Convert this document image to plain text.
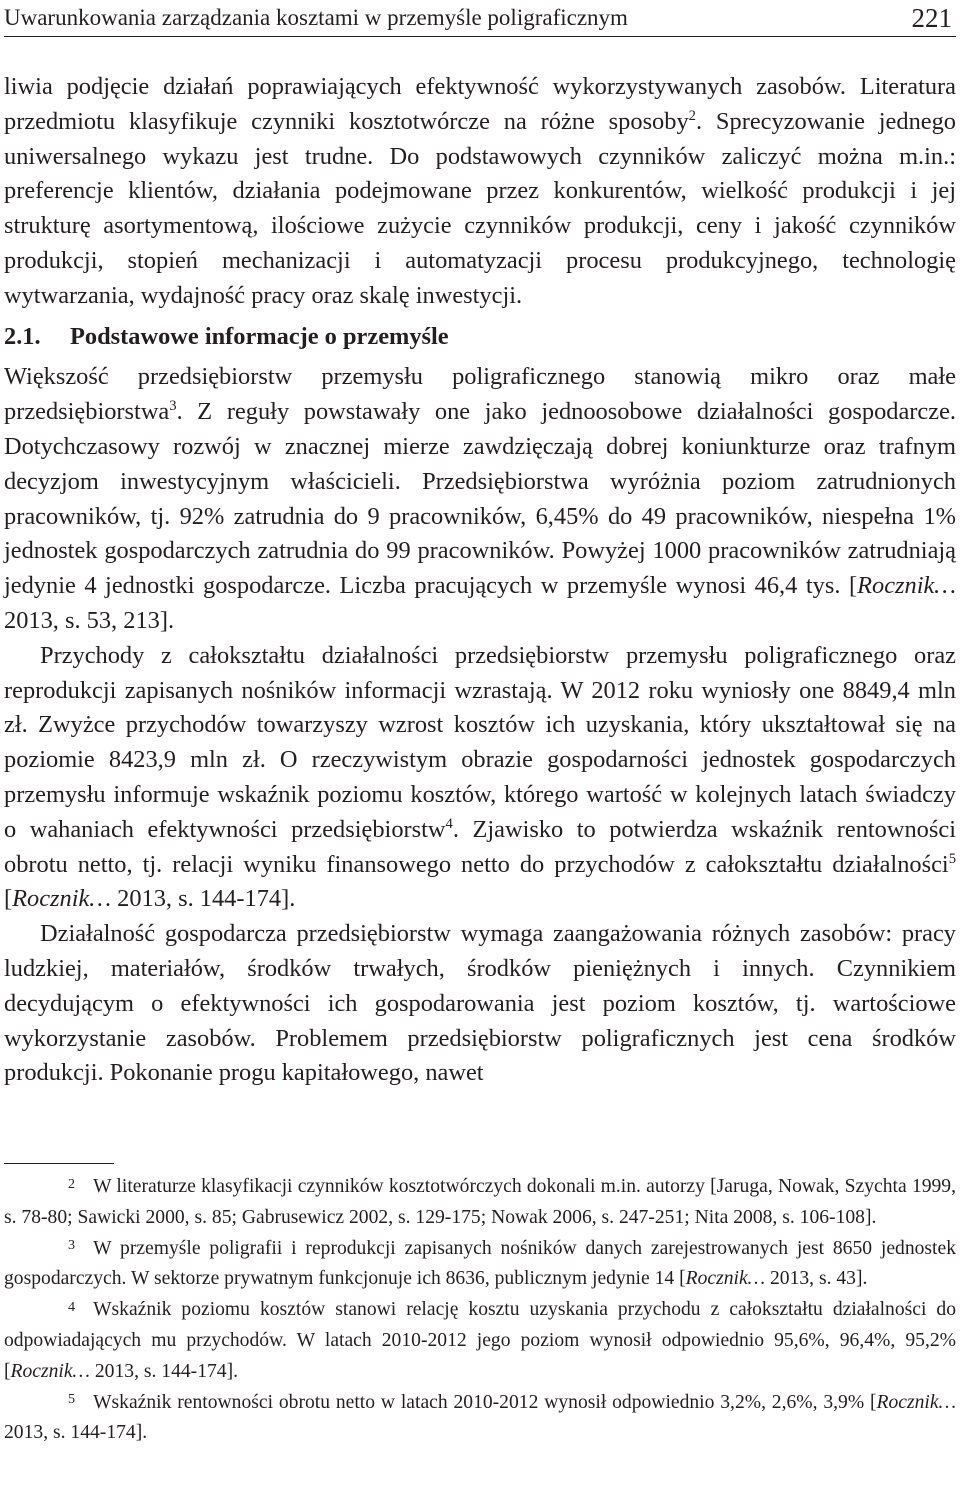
Uwarunkowania zarządzania kosztami w przemyśle poligraficznym	221

liwia podjęcie działań poprawiających efektywność wykorzystywanych zasobów. Literatura przedmiotu klasyfikuje czynniki kosztotwórcze na różne sposoby$^2$. Sprecyzowanie jednego uniwersalnego wykazu jest trudne. Do podstawowych czynników zaliczyć można m.in.: preferencje klientów, działania podejmowane przez konkurentów, wielkość produkcji i jej strukturę asortymentową, ilościowe zużycie czynników produkcji, ceny i jakość czynników produkcji, stopień mechanizacji i automatyzacji procesu produkcyjnego, technologię wytwarzania, wydajność pracy oraz skalę inwestycji.

2.1.	Podstawowe informacje o przemyśle

Większość przedsiębiorstw przemysłu poligraficznego stanowią mikro oraz małe przedsiębiorstwa$^3$. Z reguły powstawały one jako jednoosobowe działalności gospodarcze. Dotychczasowy rozwój w znacznej mierze zawdzięczają dobrej koniunkturze oraz trafnym decyzjom inwestycyjnym właścicieli. Przedsiębiorstwa wyróżnia poziom zatrudnionych pracowników, tj. 92% zatrudnia do 9 pracowników, 6,45% do 49 pracowników, niespełna 1% jednostek gospodarczych zatrudnia do 99 pracowników. Powyżej 1000 pracowników zatrudniają jedynie 4 jednostki gospodarcze. Liczba pracujących w przemyśle wynosi 46,4 tys. [Rocznik… 2013, s. 53, 213].

Przychody z całokształtu działalności przedsiębiorstw przemysłu poligraficznego oraz reprodukcji zapisanych nośników informacji wzrastają. W 2012 roku wyniosły one 8849,4 mln zł. Zwyżce przychodów towarzyszy wzrost kosztów ich uzyskania, który ukształtował się na poziomie 8423,9 mln zł. O rzeczywistym obrazie gospodarności jednostek gospodarczych przemysłu informuje wskaźnik poziomu kosztów, którego wartość w kolejnych latach świadczy o wahaniach efektywności przedsiębiorstw$^4$. Zjawisko to potwierdza wskaźnik rentowności obrotu netto, tj. relacji wyniku finansowego netto do przychodów z całokształtu działalności$^5$ [Rocznik… 2013, s. 144-174].

Działalność gospodarcza przedsiębiorstw wymaga zaangażowania różnych zasobów: pracy ludzkiej, materiałów, środków trwałych, środków pieniężnych i innych. Czynnikiem decydującym o efektywności ich gospodarowania jest poziom kosztów, tj. wartościowe wykorzystanie zasobów. Problemem przedsiębiorstw poligraficznych jest cena środków produkcji. Pokonanie progu kapitałowego, nawet

2 W literaturze klasyfikacji czynników kosztotwórczych dokonali m.in. autorzy [Jaruga, Nowak, Szychta 1999, s. 78-80; Sawicki 2000, s. 85; Gabrusewicz 2002, s. 129-175; Nowak 2006, s. 247-251; Nita 2008, s. 106-108].

3 W przemyśle poligrafii i reprodukcji zapisanych nośników danych zarejestrowanych jest 8650 jednostek gospodarczych. W sektorze prywatnym funkcjonuje ich 8636, publicznym jedynie 14 [Rocznik… 2013, s. 43].

4 Wskaźnik poziomu kosztów stanowi relację kosztu uzyskania przychodu z całokształtu działalności do odpowiadających mu przychodów. W latach 2010-2012 jego poziom wynosił odpowiednio 95,6%, 96,4%, 95,2% [Rocznik… 2013, s. 144-174].

5 Wskaźnik rentowności obrotu netto w latach 2010-2012 wynosił odpowiednio 3,2%, 2,6%, 3,9% [Rocznik… 2013, s. 144-174].
